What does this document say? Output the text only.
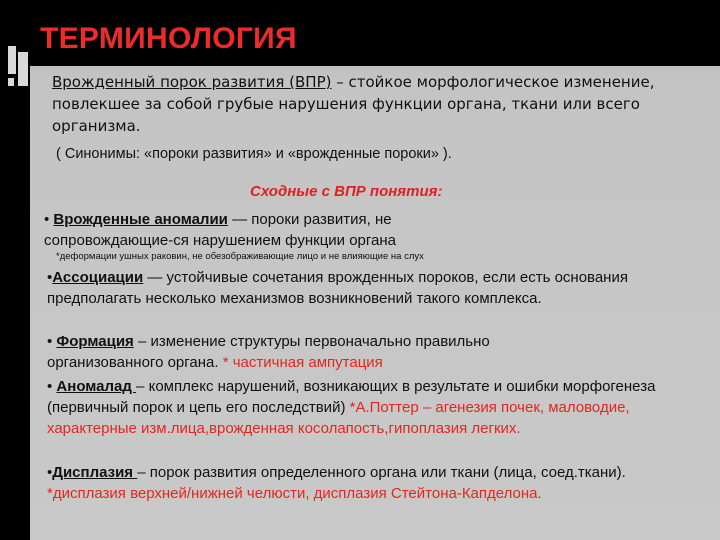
ТЕРМИНОЛОГИЯ
Врожденный порок развития (ВПР) – стойкое морфологическое изменение, повлекшее за собой грубые нарушения функции органа, ткани или всего организма.
( Синонимы: «пороки развития» и «врожденные пороки» ).
Сходные с ВПР понятия:
• Врожденные аномалии — пороки развития, не сопровождающие-ся нарушением функции органа
*деформации ушных раковин, не обезображивающие лицо и не влияющие на слух
•Ассоциации — устойчивые сочетания врожденных пороков, если есть основания предполагать несколько механизмов возникновений такого комплекса.
• Формация – изменение структуры первоначально правильно организованного органа. * частичная ампутация
• Аномалад – комплекс нарушений, возникающих в результате и ошибки морфогенеза (первичный порок и цепь его последствий) *А.Поттер – агенезия почек, маловодие, характерные изм.лица,врожденная косолапость,гипоплазия легких.
•Дисплазия – порок развития определенного органа или ткани (лица, соед.ткани). *дисплазия верхней/нижней челюсти, дисплазия Стейтона-Капделона.
